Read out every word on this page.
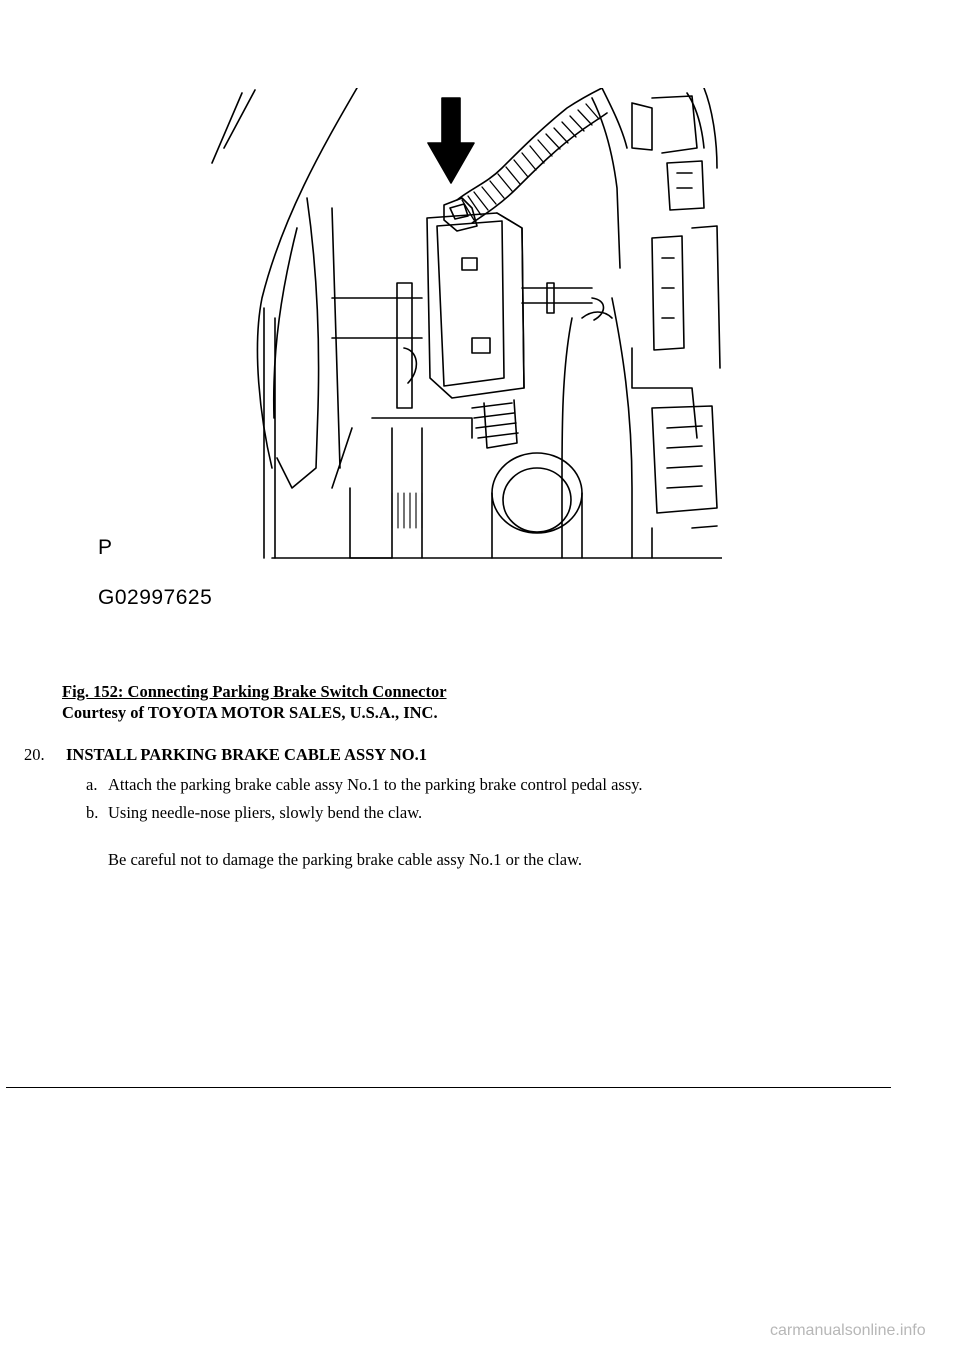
P
G02997625
Fig. 152: Connecting Parking Brake Switch Connector
Courtesy of TOYOTA MOTOR SALES, U.S.A., INC.
20. INSTALL PARKING BRAKE CABLE ASSY NO.1
a. Attach the parking brake cable assy No.1 to the parking brake control pedal assy.
b. Using needle-nose pliers, slowly bend the claw.
Be careful not to damage the parking brake cable assy No.1 or the claw.
carmanualsonline.info
